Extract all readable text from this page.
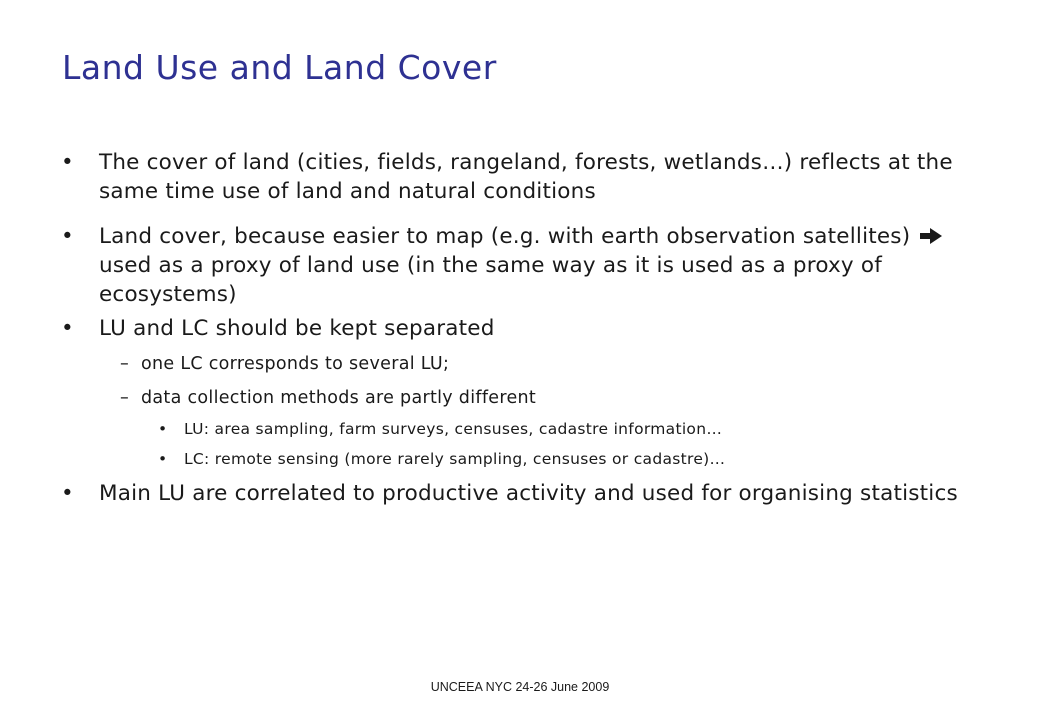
Land Use and Land Cover
• The cover of land (cities, fields, rangeland, forests, wetlands…) reflects at the same time use of land and natural conditions
• Land cover, because easier to map (e.g. with earth observation satellites)  used as a proxy of land use (in the same way as it is used as a proxy of ecosystems)
• LU and LC should be kept separated
– one LC corresponds to several LU;
– data collection methods are partly different
• LU: area sampling, farm surveys, censuses, cadastre information…
• LC: remote sensing (more rarely sampling, censuses or cadastre)…
• Main LU are correlated to productive activity and used for organising statistics
UNCEEA NYC 24-26 June 2009
